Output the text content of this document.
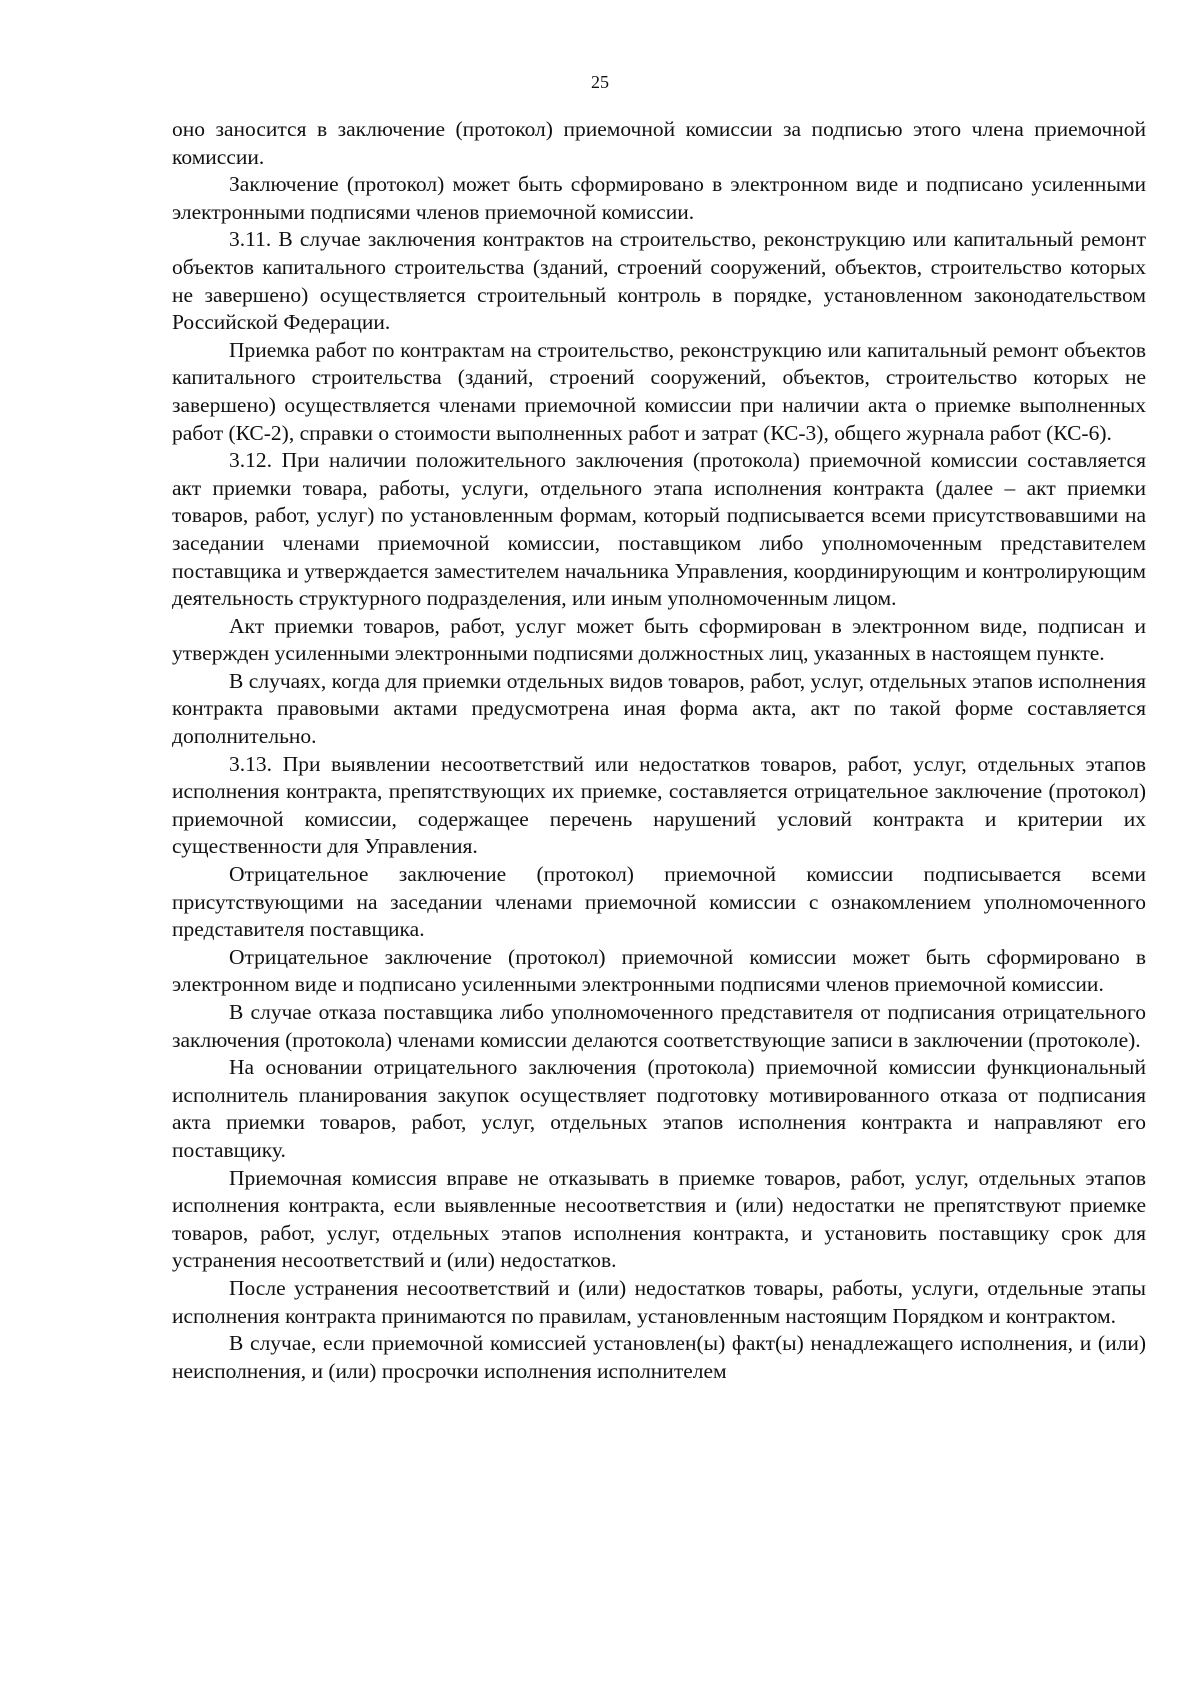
25

оно заносится в заключение (протокол) приемочной комиссии за подписью этого члена приемочной комиссии.

Заключение (протокол) может быть сформировано в электронном виде и подписано усиленными электронными подписями членов приемочной комиссии.

3.11. В случае заключения контрактов на строительство, реконструкцию или капитальный ремонт объектов капитального строительства (зданий, строений сооружений, объектов, строительство которых не завершено) осуществляется строительный контроль в порядке, установленном законодательством Российской Федерации.

Приемка работ по контрактам на строительство, реконструкцию или капитальный ремонт объектов капитального строительства (зданий, строений сооружений, объектов, строительство которых не завершено) осуществляется членами приемочной комиссии при наличии акта о приемке выполненных работ (КС-2), справки о стоимости выполненных работ и затрат (КС-3), общего журнала работ (КС-6).

3.12. При наличии положительного заключения (протокола) приемочной комиссии составляется акт приемки товара, работы, услуги, отдельного этапа исполнения контракта (далее – акт приемки товаров, работ, услуг) по установленным формам, который подписывается всеми присутствовавшими на заседании членами приемочной комиссии, поставщиком либо уполномоченным представителем поставщика и утверждается заместителем начальника Управления, координирующим и контролирующим деятельность структурного подразделения, или иным уполномоченным лицом.

Акт приемки товаров, работ, услуг может быть сформирован в электронном виде, подписан и утвержден усиленными электронными подписями должностных лиц, указанных в настоящем пункте.

В случаях, когда для приемки отдельных видов товаров, работ, услуг, отдельных этапов исполнения контракта правовыми актами предусмотрена иная форма акта, акт по такой форме составляется дополнительно.

3.13. При выявлении несоответствий или недостатков товаров, работ, услуг, отдельных этапов исполнения контракта, препятствующих их приемке, составляется отрицательное заключение (протокол) приемочной комиссии, содержащее перечень нарушений условий контракта и критерии их существенности для Управления.

Отрицательное заключение (протокол) приемочной комиссии подписывается всеми присутствующими на заседании членами приемочной комиссии с ознакомлением уполномоченного представителя поставщика.

Отрицательное заключение (протокол) приемочной комиссии может быть сформировано в электронном виде и подписано усиленными электронными подписями членов приемочной комиссии.

В случае отказа поставщика либо уполномоченного представителя от подписания отрицательного заключения (протокола) членами комиссии делаются соответствующие записи в заключении (протоколе).

На основании отрицательного заключения (протокола) приемочной комиссии функциональный исполнитель планирования закупок осуществляет подготовку мотивированного отказа от подписания акта приемки товаров, работ, услуг, отдельных этапов исполнения контракта и направляют его поставщику.

Приемочная комиссия вправе не отказывать в приемке товаров, работ, услуг, отдельных этапов исполнения контракта, если выявленные несоответствия и (или) недостатки не препятствуют приемке товаров, работ, услуг, отдельных этапов исполнения контракта, и установить поставщику срок для устранения несоответствий и (или) недостатков.

После устранения несоответствий и (или) недостатков товары, работы, услуги, отдельные этапы исполнения контракта принимаются по правилам, установленным настоящим Порядком и контрактом.

В случае, если приемочной комиссией установлен(ы) факт(ы) ненадлежащего исполнения, и (или) неисполнения, и (или) просрочки исполнения исполнителем
